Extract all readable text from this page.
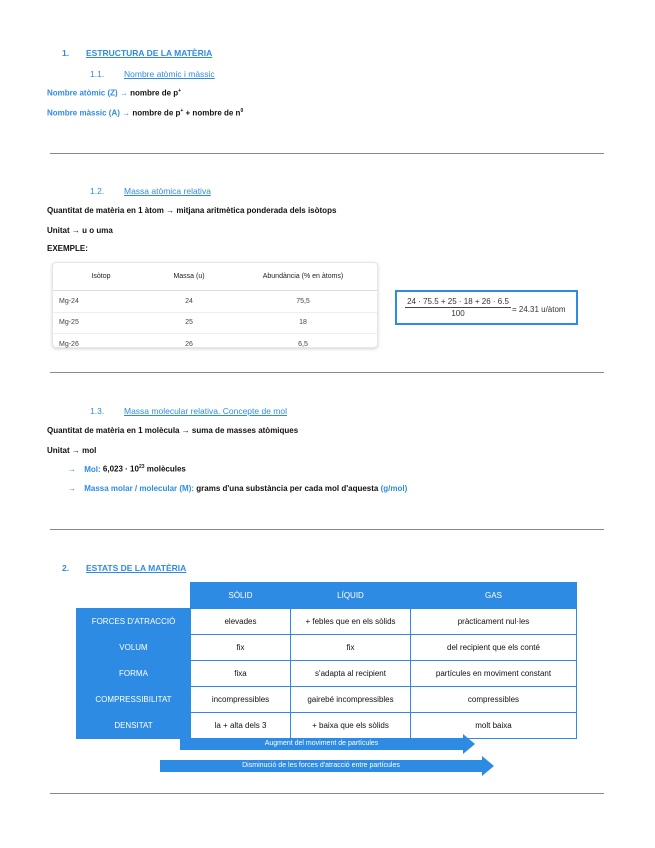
1. ESTRUCTURA DE LA MATÈRIA
1.1. Nombre atòmic i màssic
Nombre atòmic (Z) → nombre de p+
Nombre màssic (A) → nombre de p+ + nombre de $n^0$
1.2. Massa atòmica relativa
Quantitat de matèria en 1 àtom → mitjana aritmètica ponderada dels isòtops
Unitat → u o uma
EXEMPLE:
Isòtop	Massa (u)	Abundància (% en àtoms)
Mg-24	24	75,5
Mg-25	25	18
Mg-26	26	6,5
$\frac{24 \cdot 75.5 + 25 \cdot 18 + 26 \cdot 6.5}{100} = 24.31$ u/àtom
1.3. Massa molecular relativa. Concepte de mol
Quantitat de matèria en 1 molècula → suma de masses atòmiques
Unitat → mol
→ Mol: $6,023 \cdot 10^{23}$ molècules
→ Massa molar / molecular (M): grams d'una substància per cada mol d'aquesta (g/mol)
2. ESTATS DE LA MATÈRIA
	SÒLID	LÍQUID	GAS
FORCES D'ATRACCIÓ	elevades	+ febles que en els sòlids	pràcticament nul·les
VOLUM	fix	fix	del recipient que els conté
FORMA	fixa	s'adapta al recipient	partícules en moviment constant
COMPRESSIBILITAT	incompressibles	gairebé incompressibles	compressibles
DENSITAT	la + alta dels 3	+ baixa que els sòlids	molt baixa
Augment del moviment de partícules
Disminució de les forces d'atracció entre partícules
